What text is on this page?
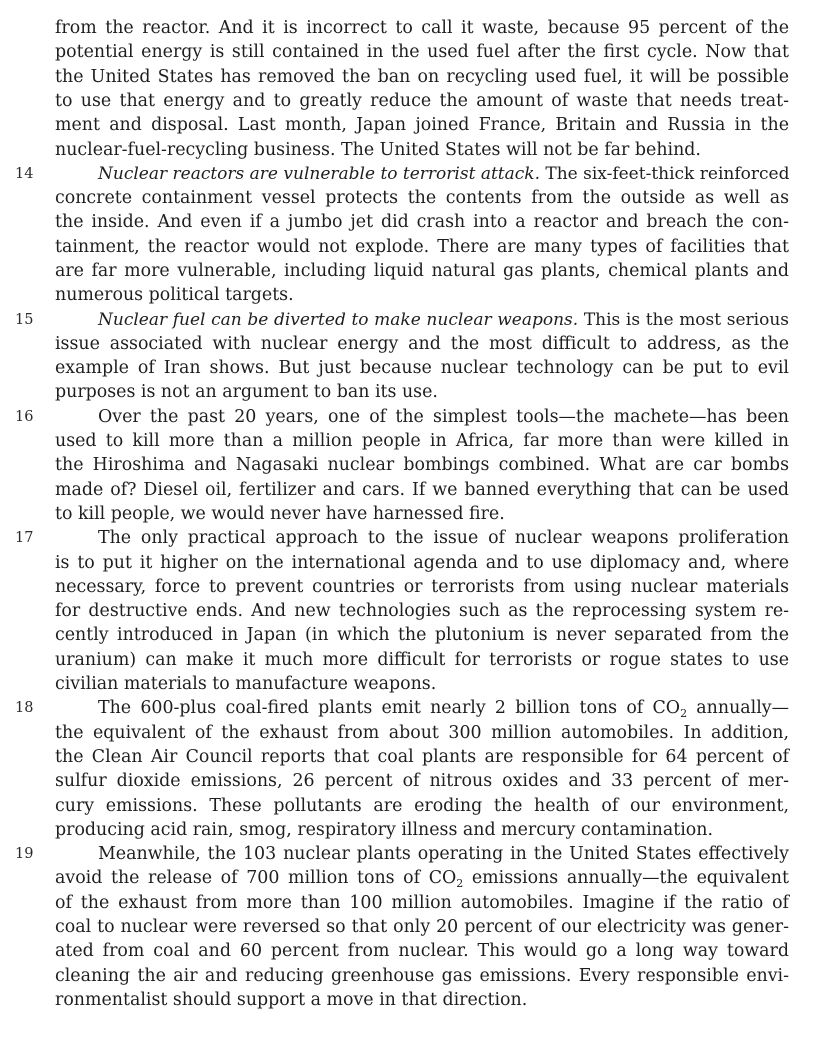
from the reactor. And it is incorrect to call it waste, because 95 percent of the
potential energy is still contained in the used fuel after the first cycle. Now that
the United States has removed the ban on recycling used fuel, it will be possible
to use that energy and to greatly reduce the amount of waste that needs treat-
ment and disposal. Last month, Japan joined France, Britain and Russia in the
nuclear-fuel-recycling business. The United States will not be far behind.
14	Nuclear reactors are vulnerable to terrorist attack. The six-feet-thick reinforced
concrete containment vessel protects the contents from the outside as well as
the inside. And even if a jumbo jet did crash into a reactor and breach the con-
tainment, the reactor would not explode. There are many types of facilities that
are far more vulnerable, including liquid natural gas plants, chemical plants and
numerous political targets.
15	Nuclear fuel can be diverted to make nuclear weapons. This is the most serious
issue associated with nuclear energy and the most difficult to address, as the
example of Iran shows. But just because nuclear technology can be put to evil
purposes is not an argument to ban its use.
16	Over the past 20 years, one of the simplest tools—the machete—has been
used to kill more than a million people in Africa, far more than were killed in
the Hiroshima and Nagasaki nuclear bombings combined. What are car bombs
made of? Diesel oil, fertilizer and cars. If we banned everything that can be used
to kill people, we would never have harnessed fire.
17	The only practical approach to the issue of nuclear weapons proliferation
is to put it higher on the international agenda and to use diplomacy and, where
necessary, force to prevent countries or terrorists from using nuclear materials
for destructive ends. And new technologies such as the reprocessing system re-
cently introduced in Japan (in which the plutonium is never separated from the
uranium) can make it much more difficult for terrorists or rogue states to use
civilian materials to manufacture weapons.
18	The 600-plus coal-fired plants emit nearly 2 billion tons of $CO_2$ annually—
the equivalent of the exhaust from about 300 million automobiles. In addition,
the Clean Air Council reports that coal plants are responsible for 64 percent of
sulfur dioxide emissions, 26 percent of nitrous oxides and 33 percent of mer-
cury emissions. These pollutants are eroding the health of our environment,
producing acid rain, smog, respiratory illness and mercury contamination.
19	Meanwhile, the 103 nuclear plants operating in the United States effectively
avoid the release of 700 million tons of $CO_2$ emissions annually—the equivalent
of the exhaust from more than 100 million automobiles. Imagine if the ratio of
coal to nuclear were reversed so that only 20 percent of our electricity was gener-
ated from coal and 60 percent from nuclear. This would go a long way toward
cleaning the air and reducing greenhouse gas emissions. Every responsible envi-
ronmentalist should support a move in that direction.
